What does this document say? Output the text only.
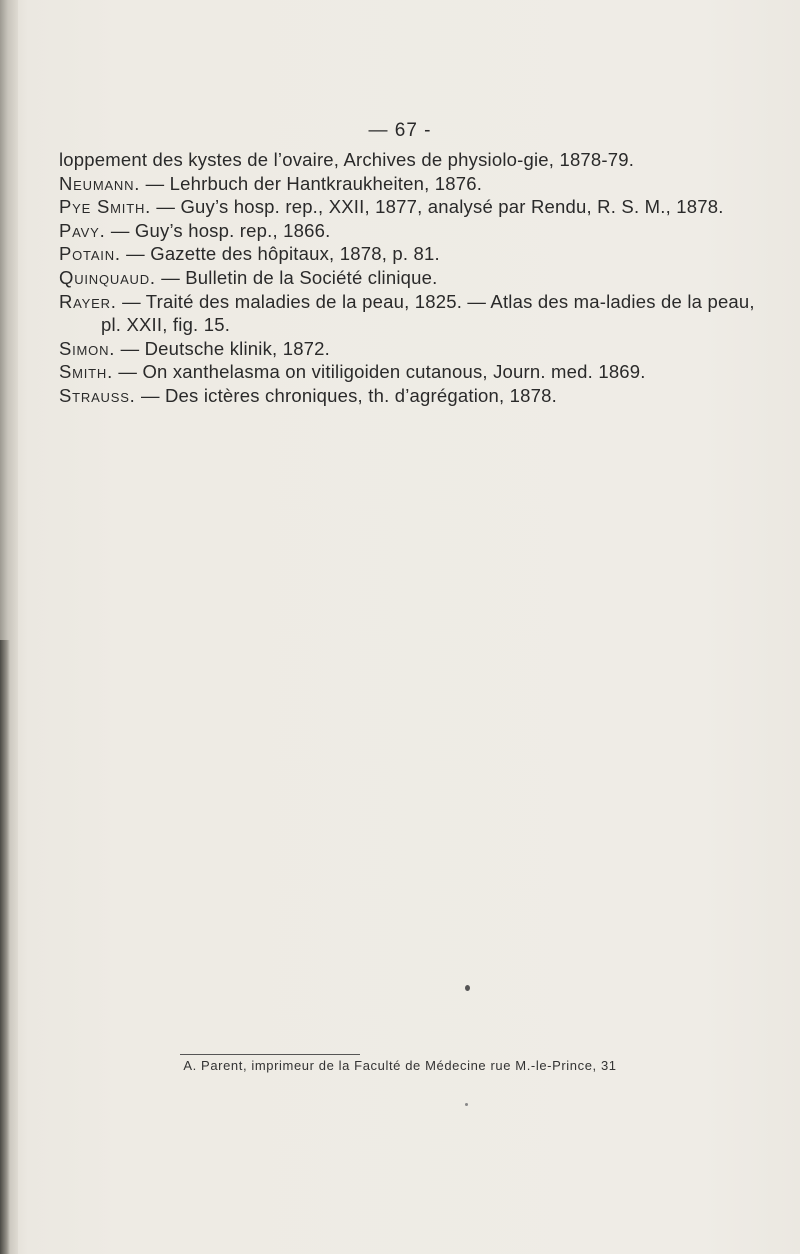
— 67 -
loppement des kystes de l’ovaire, Archives de physiolo-gie, 1878-79.
Neumann. — Lehrbuch der Hantkraukheiten, 1876.
Pye Smith. — Guy’s hosp. rep., XXII, 1877, analysé par Rendu, R. S. M., 1878.
Pavy. — Guy’s hosp. rep., 1866.
Potain. — Gazette des hôpitaux, 1878, p. 81.
Quinquaud. — Bulletin de la Société clinique.
Rayer. — Traité des maladies de la peau, 1825. — Atlas des ma-ladies de la peau, pl. XXII, fig. 15.
Simon. — Deutsche klinik, 1872.
Smith. — On xanthelasma on vitiligoiden cutanous, Journ. med. 1869.
Strauss. — Des ictères chroniques, th. d’agrégation, 1878.
A. Parent, imprimeur de la Faculté de Médecine rue M.-le-Prince, 31
